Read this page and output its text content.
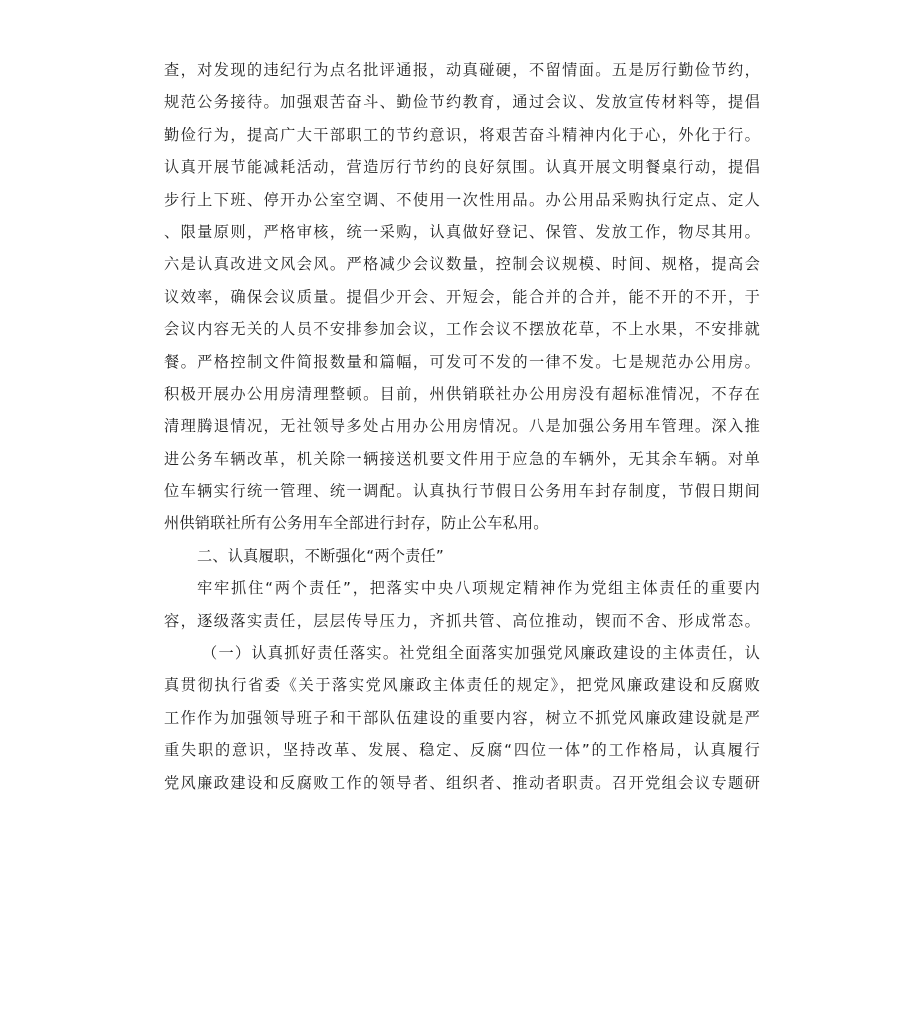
查，对发现的违纪行为点名批评通报，动真碰硬，不留情面。五是厉行勤俭节约，
规范公务接待。加强艰苦奋斗、勤俭节约教育，通过会议、发放宣传材料等，提倡
勤俭行为，提高广大干部职工的节约意识，将艰苦奋斗精神内化于心，外化于行。
认真开展节能减耗活动，营造厉行节约的良好氛围。认真开展文明餐桌行动，提倡
步行上下班、停开办公室空调、不使用一次性用品。办公用品采购执行定点、定人
、限量原则，严格审核，统一采购，认真做好登记、保管、发放工作，物尽其用。
六是认真改进文风会风。严格减少会议数量，控制会议规模、时间、规格，提高会
议效率，确保会议质量。提倡少开会、开短会，能合并的合并，能不开的不开，于
会议内容无关的人员不安排参加会议，工作会议不摆放花草，不上水果，不安排就
餐。严格控制文件简报数量和篇幅，可发可不发的一律不发。七是规范办公用房。
积极开展办公用房清理整顿。目前，州供销联社办公用房没有超标准情况，不存在
清理腾退情况，无社领导多处占用办公用房情况。八是加强公务用车管理。深入推
进公务车辆改革，机关除一辆接送机要文件用于应急的车辆外，无其余车辆。对单
位车辆实行统一管理、统一调配。认真执行节假日公务用车封存制度，节假日期间
州供销联社所有公务用车全部进行封存，防止公车私用。
二、认真履职，不断强化“两个责任”
牢牢抓住“两个责任”，把落实中央八项规定精神作为党组主体责任的重要内
容，逐级落实责任，层层传导压力，齐抓共管、高位推动，锲而不舍、形成常态。
（一）认真抓好责任落实。社党组全面落实加强党风廉政建设的主体责任，认
真贯彻执行省委《关于落实党风廉政主体责任的规定》，把党风廉政建设和反腐败
工作作为加强领导班子和干部队伍建设的重要内容，树立不抓党风廉政建设就是严
重失职的意识，坚持改革、发展、稳定、反腐“四位一体”的工作格局，认真履行
党风廉政建设和反腐败工作的领导者、组织者、推动者职责。召开党组会议专题研
